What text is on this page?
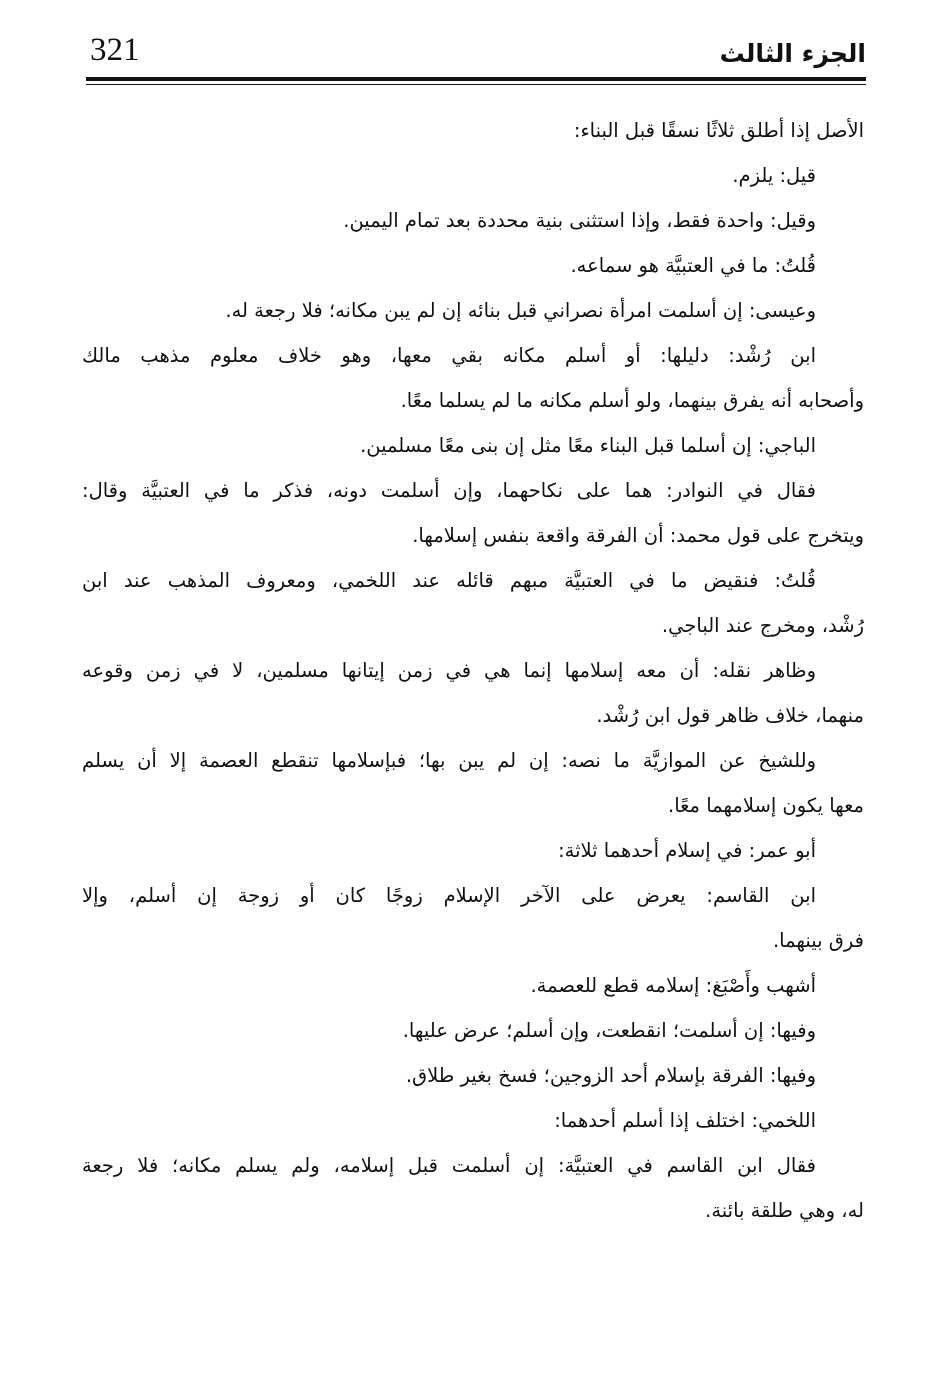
321	الجزء الثالث
الأصل إذا أطلق ثلاثًا نسقًا قبل البناء:
قيل: يلزم.
وقيل: واحدة فقط، وإذا استثنى بنية محددة بعد تمام اليمين.
قُلتُ: ما في العتبيَّة هو سماعه.
وعيسى: إن أسلمت امرأة نصراني قبل بنائه إن لم يبن مكانه؛ فلا رجعة له.
ابن رُشْد: دليلها: أو أسلم مكانه بقي معها، وهو خلاف معلوم مذهب مالك
وأصحابه أنه يفرق بينهما، ولو أسلم مكانه ما لم يسلما معًا.
الباجي: إن أسلما قبل البناء معًا مثل إن بنى معًا مسلمين.
فقال في النوادر: هما على نكاحهما، وإن أسلمت دونه، فذكر ما في العتبيَّة وقال:
ويتخرج على قول محمد: أن الفرقة واقعة بنفس إسلامها.
قُلتُ: فنقيض ما في العتبيَّة مبهم قائله عند اللخمي، ومعروف المذهب عند ابن
رُشْد، ومخرج عند الباجي.
وظاهر نقله: أن معه إسلامها إنما هي في زمن إيتانها مسلمين، لا في زمن وقوعه
منهما، خلاف ظاهر قول ابن رُشْد.
وللشيخ عن الموازيَّة ما نصه: إن لم يبن بها؛ فبإسلامها تنقطع العصمة إلا أن يسلم
معها يكون إسلامهما معًا.
أبو عمر: في إسلام أحدهما ثلاثة:
ابن القاسم: يعرض على الآخر الإسلام زوجًا كان أو زوجة إن أسلم، وإلا
فرق بينهما.
أشهب وأَصْبَغ: إسلامه قطع للعصمة.
وفيها: إن أسلمت؛ انقطعت، وإن أسلم؛ عرض عليها.
وفيها: الفرقة بإسلام أحد الزوجين؛ فسخ بغير طلاق.
اللخمي: اختلف إذا أسلم أحدهما:
فقال ابن القاسم في العتبيَّة: إن أسلمت قبل إسلامه، ولم يسلم مكانه؛ فلا رجعة
له، وهي طلقة بائنة.
